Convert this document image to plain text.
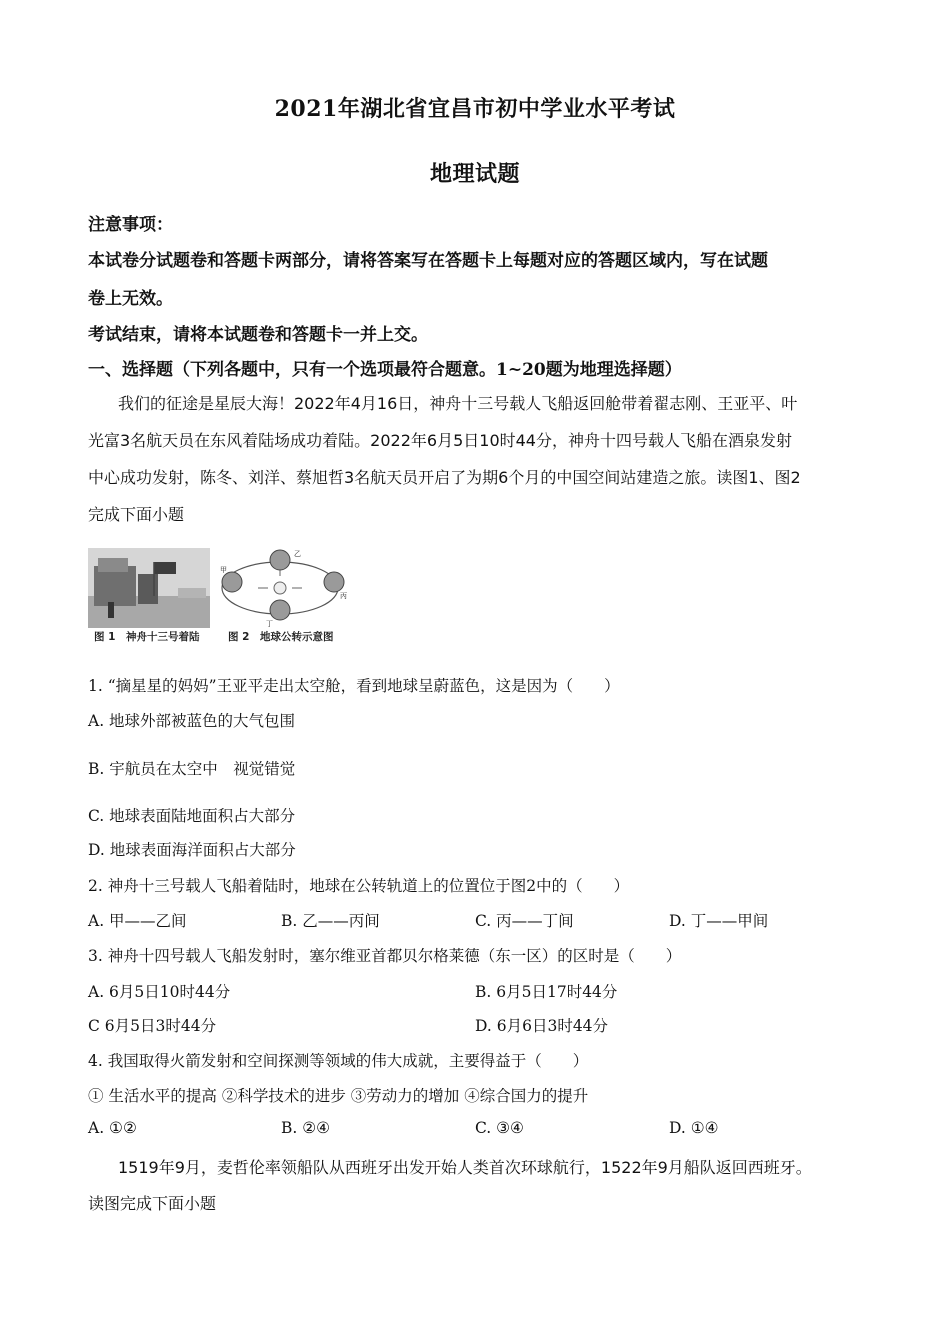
2021年湖北省宜昌市初中学业水平考试
地理试题
注意事项：
本试卷分试题卷和答题卡两部分，请将答案写在答题卡上每题对应的答题区域内，写在试题
卷上无效。
考试结束，请将本试题卷和答题卡一并上交。
一、选择题（下列各题中，只有一个选项最符合题意。1~20题为地理选择题）
我们的征途是星辰大海！2022年4月16日，神舟十三号载人飞船返回舱带着翟志刚、王亚平、叶
光富3名航天员在东风着陆场成功着陆。2022年6月5日10时44分，神舟十四号载人飞船在酒泉发射
中心成功发射，陈冬、刘洋、蔡旭哲3名航天员开启了为期6个月的中国空间站建造之旅。读图1、图2
完成下面小题
甲
乙
丙
丁
图 1　神舟十三号着陆	图 2　地球公转示意图
1. “摘星星的妈妈”王亚平走出太空舱，看到地球呈蔚蓝色，这是因为（　　）
A. 地球外部被蓝色的大气包围
B. 宇航员在太空中　视觉错觉
C. 地球表面陆地面积占大部分
D. 地球表面海洋面积占大部分
2. 神舟十三号载人飞船着陆时，地球在公转轨道上的位置位于图2中的（　　）
A. 甲——乙间	B. 乙——丙间	C. 丙——丁间	D. 丁——甲间
3. 神舟十四号载人飞船发射时，塞尔维亚首都贝尔格莱德（东一区）的区时是（　　）
A. 6月5日10时44分	B. 6月5日17时44分
C 6月5日3时44分	D. 6月6日3时44分
4. 我国取得火箭发射和空间探测等领域的伟大成就，主要得益于（　　）
① 生活水平的提高 ②科学技术的进步 ③劳动力的增加 ④综合国力的提升
A. ①②	B. ②④	C. ③④	D. ①④
1519年9月，麦哲伦率领船队从西班牙出发开始人类首次环球航行，1522年9月船队返回西班牙。
读图完成下面小题
